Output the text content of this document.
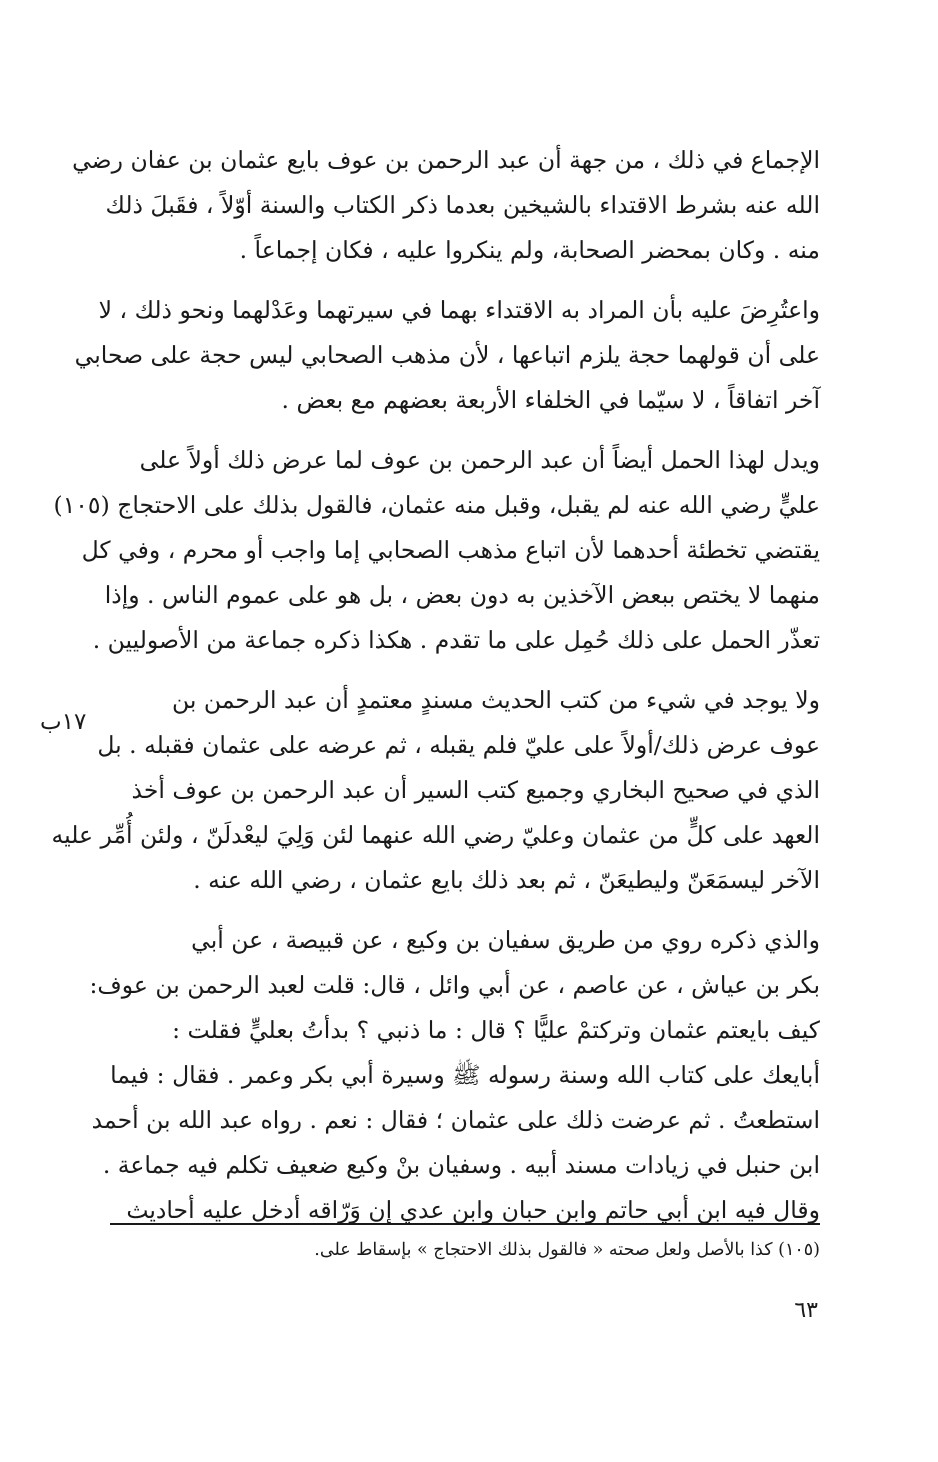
الإجماع في ذلك ، من جهة أن عبد الرحمن بن عوف بايع عثمان بن عفان رضي
الله عنه بشرط الاقتداء بالشيخين بعدما ذكر الكتاب والسنة أوّلاً ، فقَبلَ ذلك
منه . وكان بمحضر الصحابة، ولم ينكروا عليه ، فكان إجماعاً .

واعتُرِضَ عليه بأن المراد به الاقتداء بهما في سيرتهما وعَدْلهما ونحو ذلك ، لا
على أن قولهما حجة يلزم اتباعها ، لأن مذهب الصحابي ليس حجة على صحابي
آخر اتفاقاً ، لا سيّما في الخلفاء الأربعة بعضهم مع بعض .

ويدل لهذا الحمل أيضاً أن عبد الرحمن بن عوف لما عرض ذلك أولاً على
عليٍّ رضي الله عنه لم يقبل، وقبل منه عثمان، فالقول بذلك على الاحتجاج (١٠٥)
يقتضي تخطئة أحدهما لأن اتباع مذهب الصحابي إما واجب أو محرم ، وفي كل
منهما لا يختص ببعض الآخذين به دون بعض ، بل هو على عموم الناس . وإذا
تعذّر الحمل على ذلك حُمِل على ما تقدم . هكذا ذكره جماعة من الأصوليين .

ولا يوجد في شيء من كتب الحديث مسندٍ معتمدٍ أن عبد الرحمن بن
عوف عرض ذلك/أولاً على عليّ فلم يقبله ، ثم عرضه على عثمان فقبله . بل
الذي في صحيح البخاري وجميع كتب السير أن عبد الرحمن بن عوف أخذ
العهد على كلٍّ من عثمان وعليّ رضي الله عنهما لئن وَلِيَ ليعْدلَنّ ، ولئن أُمِّر عليه
الآخر ليسمَعَنّ وليطيعَنّ ، ثم بعد ذلك بايع عثمان ، رضي الله عنه .

والذي ذكره روي من طريق سفيان بن وكيع ، عن قبيصة ، عن أبي
بكر بن عياش ، عن عاصم ، عن أبي وائل ، قال: قلت لعبد الرحمن بن عوف:
كيف بايعتم عثمان وتركتمْ عليًّا ؟ قال : ما ذنبي ؟ بدأتُ بعليٍّ فقلت :
أبايعك على كتاب الله وسنة رسوله ﷺ وسيرة أبي بكر وعمر . فقال : فيما
استطعتُ . ثم عرضت ذلك على عثمان ؛ فقال : نعم . رواه عبد الله بن أحمد
ابن حنبل في زيادات مسند أبيه . وسفيان بنْ وكيع ضعيف تكلم فيه جماعة .
وقال فيه ابن أبي حاتم وابن حبان وابن عدي إن وَرّاقه أدخل عليه أحاديث

١٧ب
(١٠٥) كذا بالأصل ولعل صحته « فالقول بذلك الاحتجاج » بإسقاط على.
٦٣
